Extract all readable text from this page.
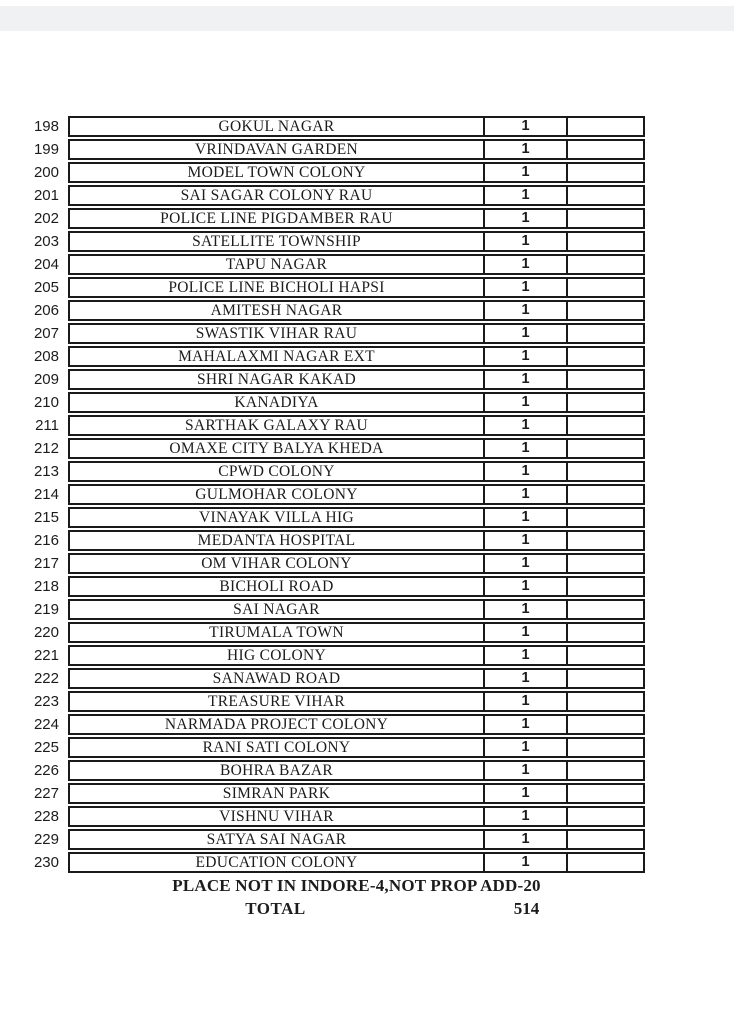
198	GOKUL NAGAR	1
199	VRINDAVAN GARDEN	1
200	MODEL TOWN COLONY	1
201	SAI SAGAR COLONY RAU	1
202	POLICE LINE PIGDAMBER RAU	1
203	SATELLITE TOWNSHIP	1
204	TAPU NAGAR	1
205	POLICE LINE BICHOLI HAPSI	1
206	AMITESH NAGAR	1
207	SWASTIK VIHAR RAU	1
208	MAHALAXMI NAGAR EXT	1
209	SHRI NAGAR KAKAD	1
210	KANADIYA	1
211	SARTHAK GALAXY RAU	1
212	OMAXE CITY BALYA KHEDA	1
213	CPWD COLONY	1
214	GULMOHAR COLONY	1
215	VINAYAK VILLA HIG	1
216	MEDANTA HOSPITAL	1
217	OM VIHAR COLONY	1
218	BICHOLI ROAD	1
219	SAI NAGAR	1
220	TIRUMALA TOWN	1
221	HIG COLONY	1
222	SANAWAD ROAD	1
223	TREASURE VIHAR	1
224	NARMADA PROJECT COLONY	1
225	RANI SATI COLONY	1
226	BOHRA BAZAR	1
227	SIMRAN PARK	1
228	VISHNU VIHAR	1
229	SATYA SAI NAGAR	1
230	EDUCATION COLONY	1
PLACE NOT IN INDORE-4,NOT PROP ADD-20
TOTAL	514
